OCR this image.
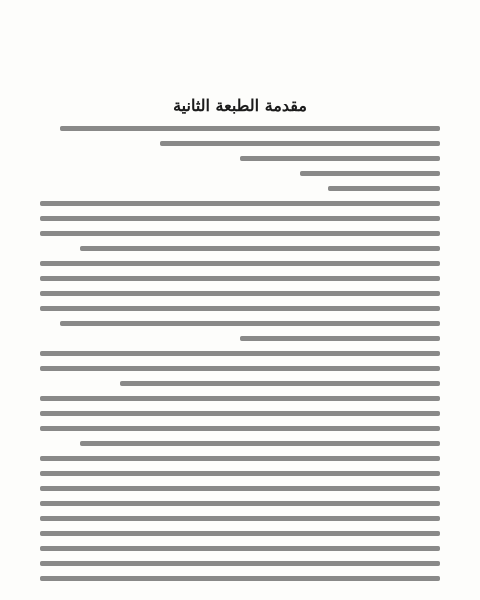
مقدمة الطبعة الثانية
